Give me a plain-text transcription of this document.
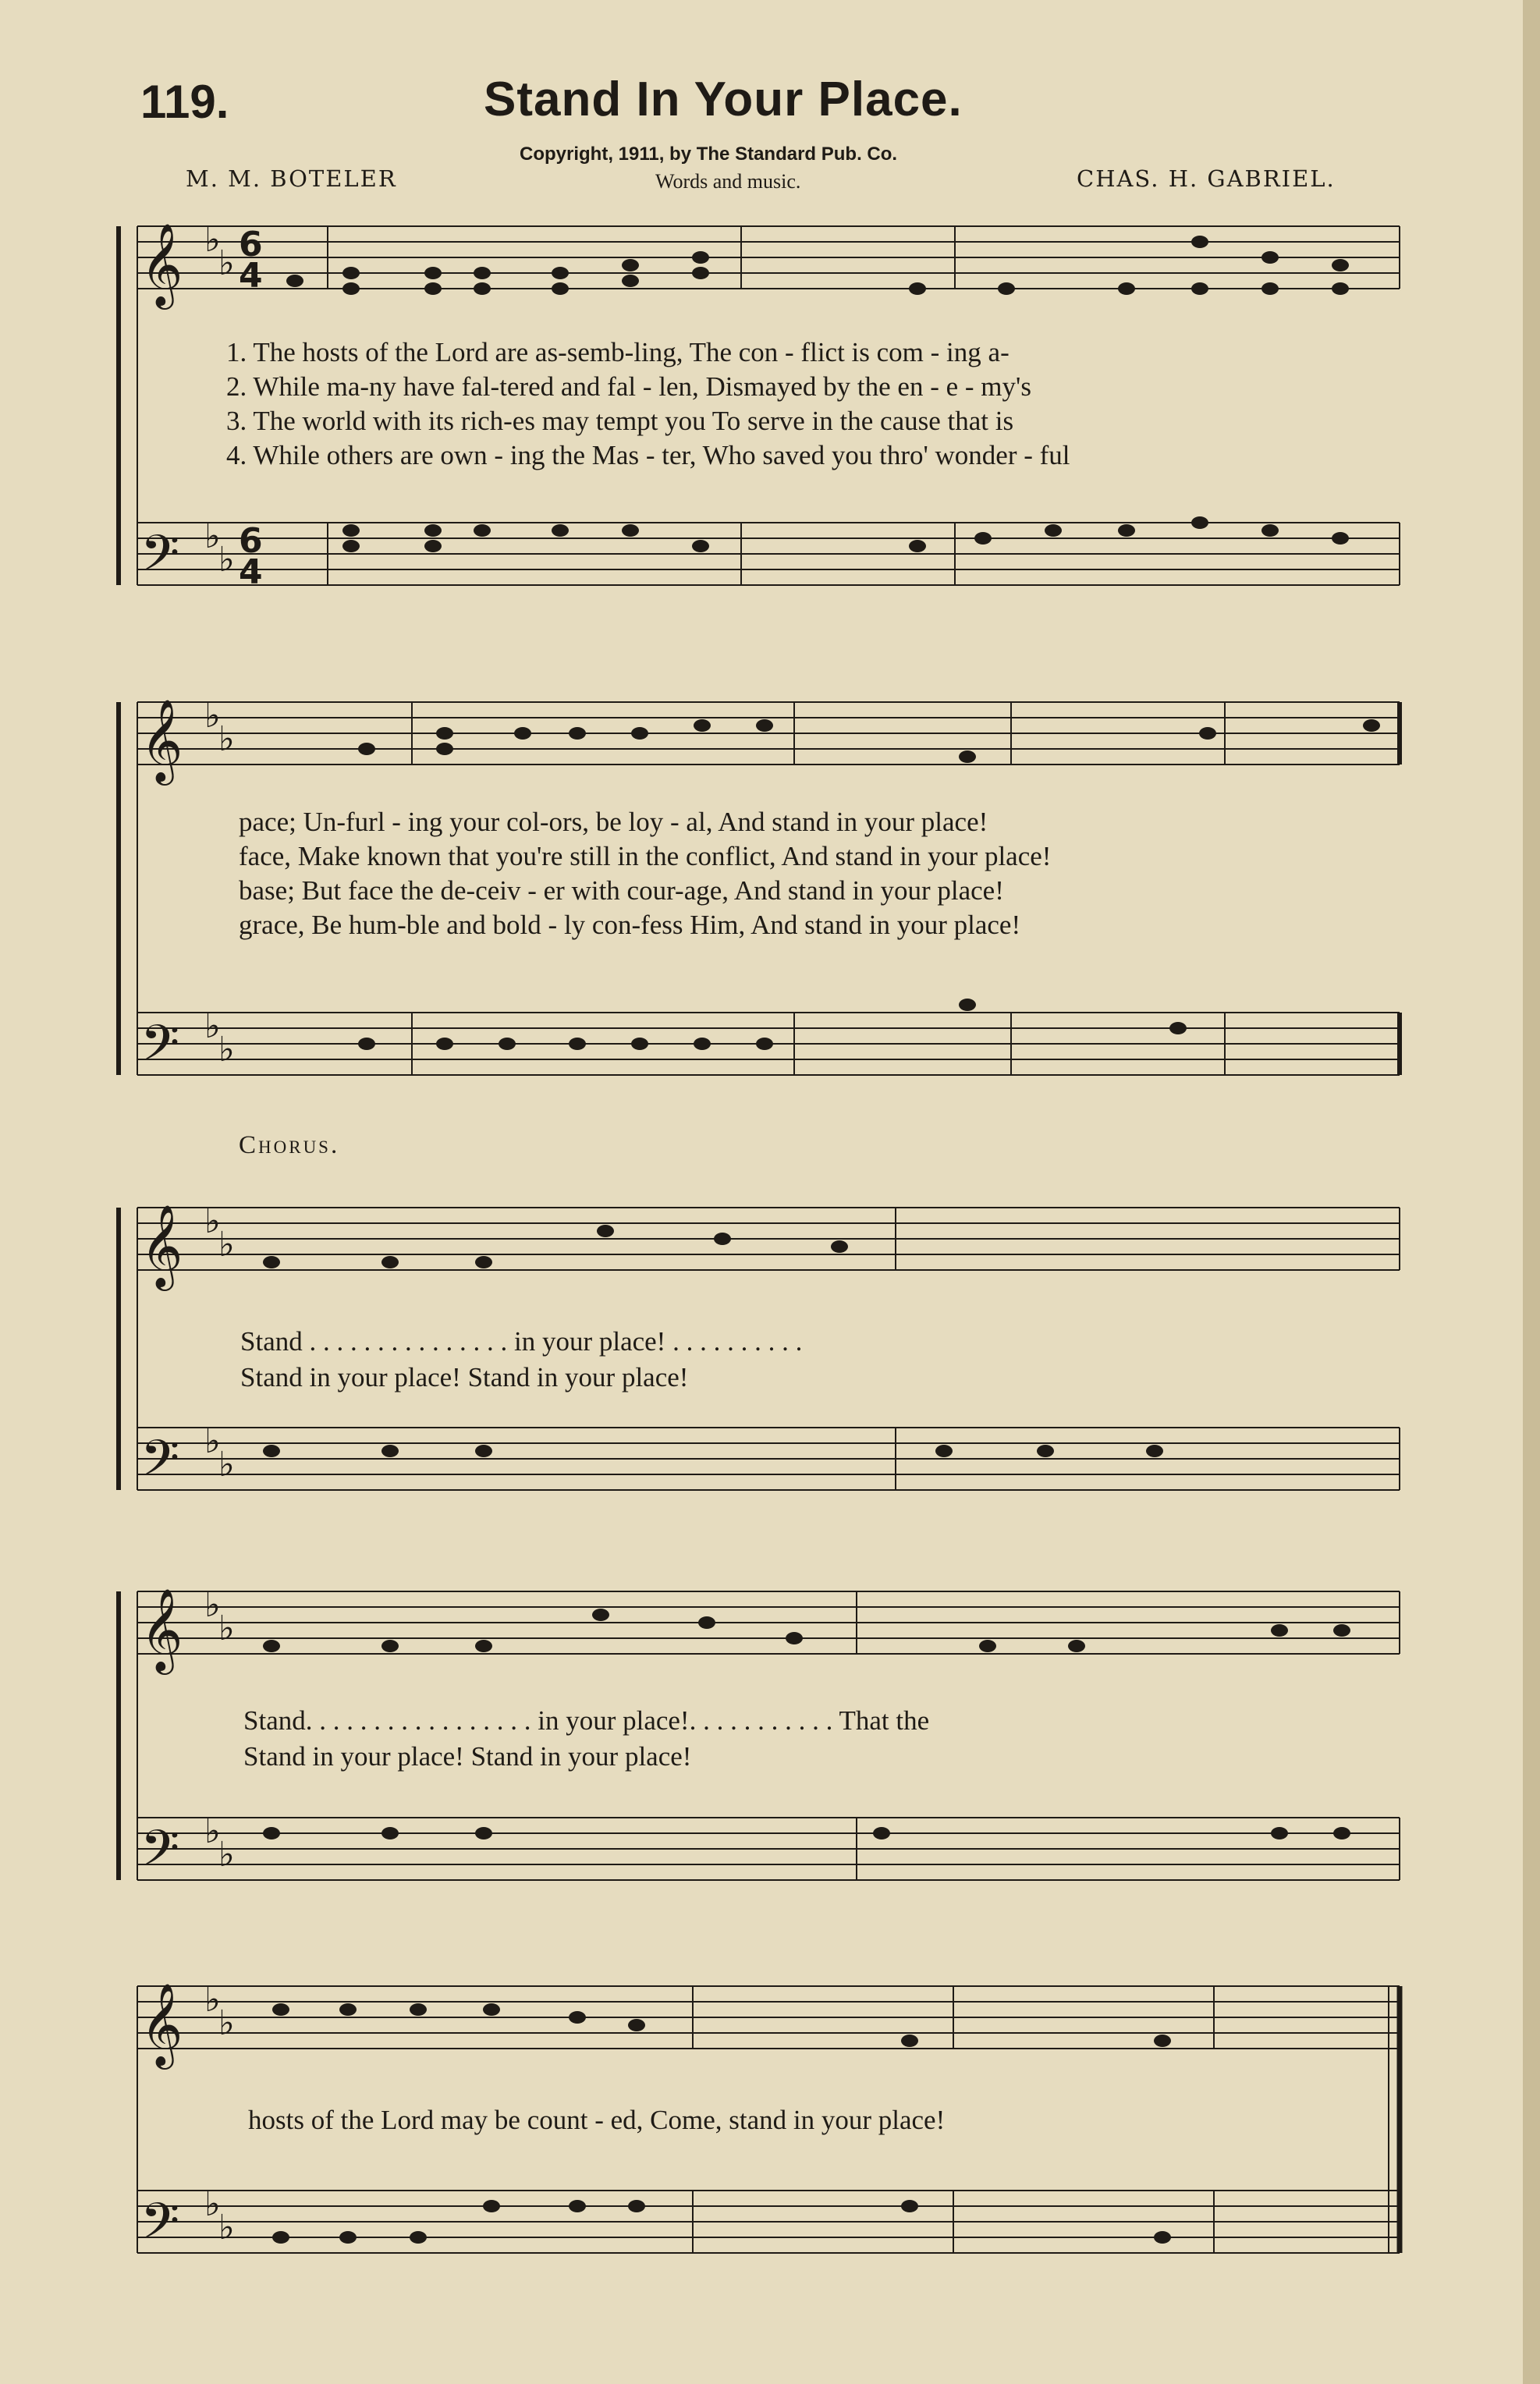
119.	Stand In Your Place.
Copyright, 1911, by The Standard Pub. Co.
Words and music.
M. M. BOTELER	CHAS. H. GABRIEL.
𝄞
𝄢
𝄞
𝄢
𝄞
𝄢
𝄞
𝄢
𝄞
𝄢
♭
♭
♭
♭
♭
♭
♭
♭
♭
♭
♭
♭
♭
♭
♭
♭
♭
♭
♭
♭
6
4
6
4
1. The hosts of the Lord are as-semb-ling, The con - flict is com - ing a-
2. While ma-ny have fal-tered and fal - len, Dismayed by the en - e - my's
3. The world with its rich-es may tempt you To serve in the cause that is
4. While others are own - ing the Mas - ter, Who saved you thro' wonder - ful
pace; Un-furl - ing your col-ors, be loy - al, And stand in your place!
face, Make known that you're still in the conflict, And stand in your place!
base; But face the de-ceiv - er with cour-age, And stand in your place!
grace, Be hum-ble and bold - ly con-fess Him, And stand in your place!
Chorus.
Stand . . . . . . . . . . . . . . . in your place! . . . . . . . . . .
Stand in your place! Stand in your place!
Stand. . . . . . . . . . . . . . . . . in your place!. . . . . . . . . . . That the
Stand in your place! Stand in your place!
hosts of the Lord may be count - ed, Come, stand in your place!
